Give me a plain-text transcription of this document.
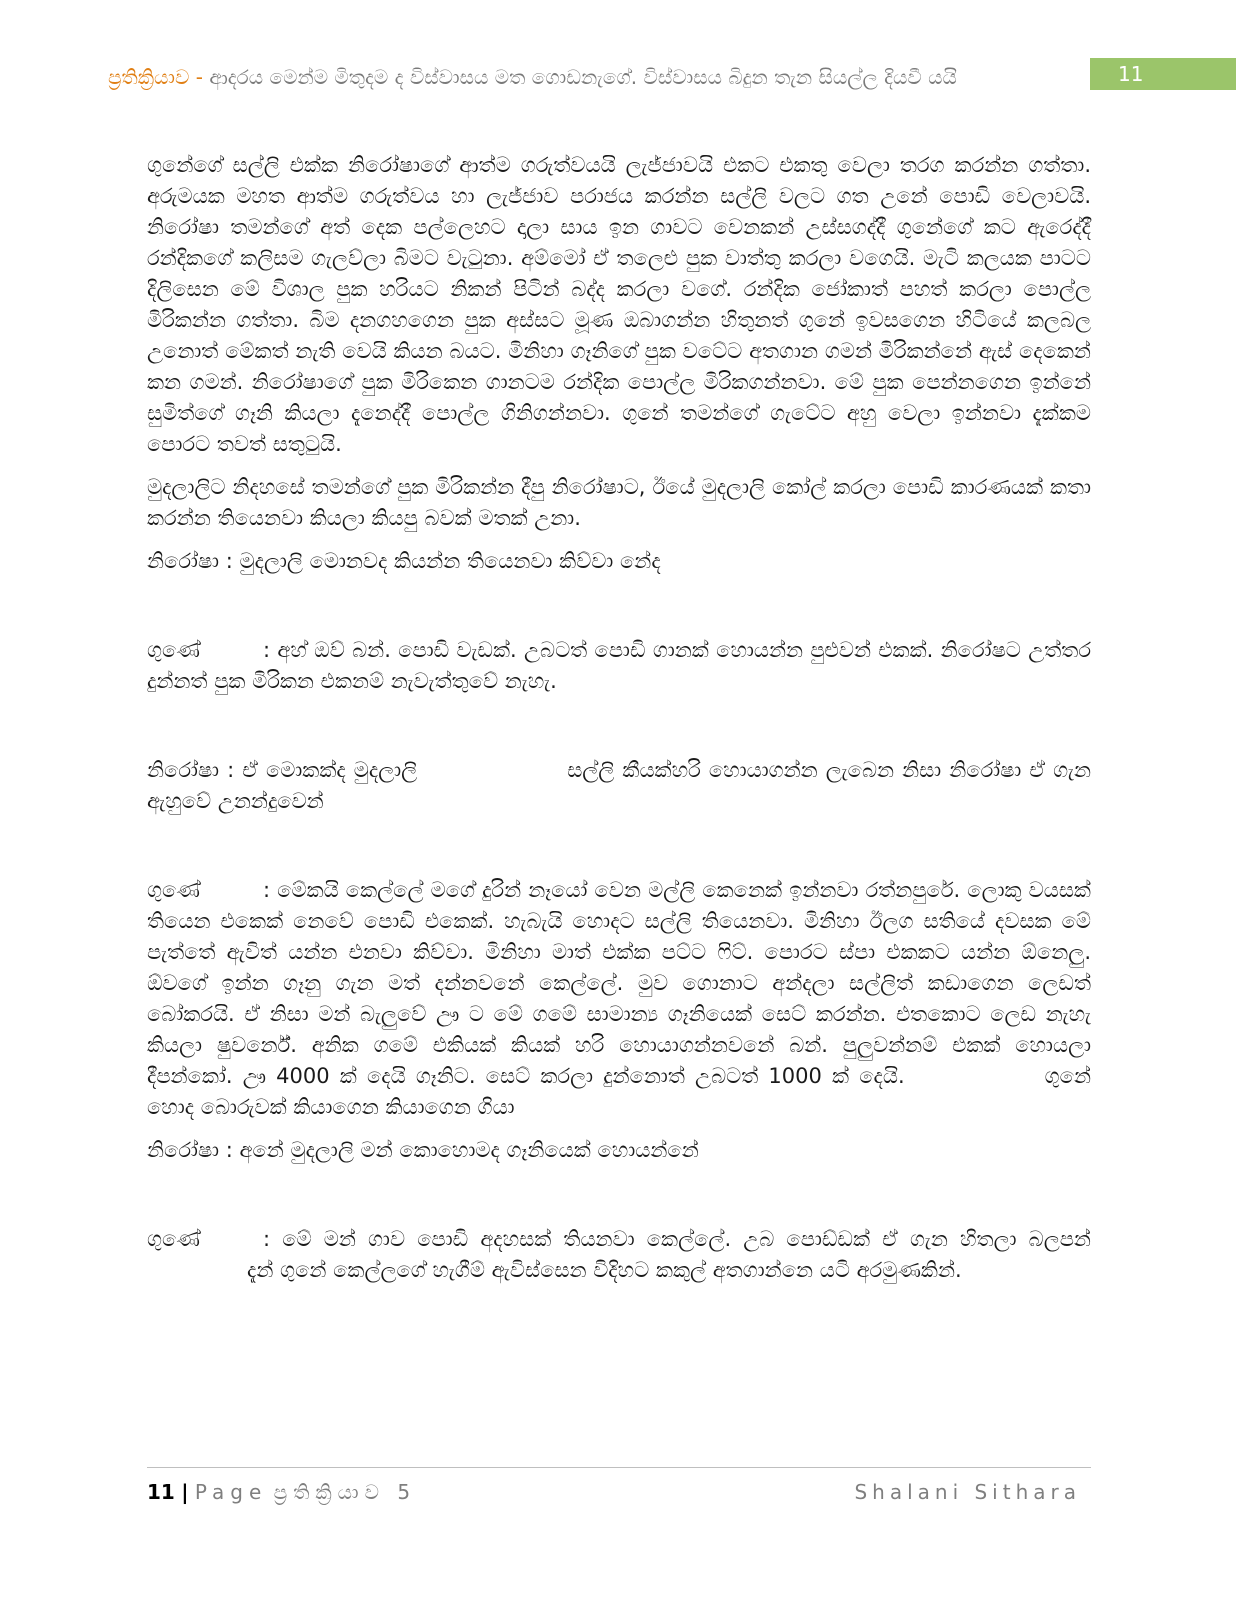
ප්‍රතික්‍රියාව - ආදරය මෙන්ම මිතුදම ද විස්වාසය මත ගොඩනැගේ. විස්වාසය බිදුන තැන සියල්ල දියවී යයි	11

ගුනේගේ සල්ලි එක්ක නිරෝෂාගේ ආත්ම ගරුත්වයයි ලැජ්ජාවයි එකට එකතු වෙලා තරග කරන්න ගත්තා. අරුමයක මහත ආත්ම ගරුත්වය හා ලැජ්ජාව පරාජය කරන්න සල්ලි වලට ගත උනේ පොඩි වෙලාවයි. නිරෝෂා තමන්ගේ අත් දෙක පල්ලෙහට දාලා සාය ඉන ගාවට වෙනකන් උස්සගද්දී ගුනේගේ කට ඇරෙද්දී රන්දිකගේ කලිසම ගැලව්ලා බිමට වැටුනා. අම්මෝ ඒ තලෙළු පුක වාත්තු කරලා වගෙයි. මැටි කලයක පාටට දිලිසෙන මේ විශාල පුක හරියට නිකන් පිටින් බද්ද කරලා වගේ. රන්දික ජෝකාත් පහත් කරලා පොල්ල මිරිකන්න ගත්තා. බිම දනගහගෙන පුක අස්සට මූණ ඔබාගන්න හිතුනත් ගුනේ ඉවසගෙන හිටියේ කලබල උනොත් මේකත් නැති වෙයි කියන බයට. මිනිහා ගෑනිගේ පුක වටේට අතගාන ගමන් මිරිකන්නේ ඇස් දෙකෙන් කන ගමන්. නිරෝෂාගේ පුක මිරිකෙන ගානටම රන්දික පොල්ල මිරිකගන්නවා. මේ පුක පෙන්නගෙන ඉන්නේ සුමිත්ගේ ගෑනි කියලා දැනෙද්දී පොල්ල ගිනිගන්නවා. ගුනේ තමන්ගේ ගැටේට අහු වෙලා ඉන්නවා දැක්කම පොරට තවත් සතුටුයි.

මුදලාලිට නිදහසේ තමන්ගේ පුක මිරිකන්න දීපු නිරෝෂාට, ඊයේ මුදලාලි කෝල් කරලා පොඩි කාරණයක් කතා කරන්න තියෙනවා කියලා කියපු බවක් මතක් උනා.

නිරෝෂා : මුදලාලි මොනවද කියන්න තියෙනවා කිව්වා නේද

ගුණේ	: අහ් ඔව් බන්. පොඩි වැඩක්. උබටත් පොඩි ගානක් හොයන්න පුළුවන් එකක්. නිරෝෂට උත්තර දුන්නත් පුක මිරිකන එකනම් නැවැත්තුවේ නැහැ.

නිරෝෂා : ඒ මොකක්ද මුදලාලි	සල්ලි කීයක්හරි හොයාගන්න ලැබෙන නිසා නිරෝෂා ඒ ගැන ඇහුවේ උනන්දුවෙන්

ගුණේ	: මේකයි කෙල්ලේ මගේ දුරින් නෑයෝ වෙන මල්ලි කෙනෙක් ඉන්නවා රත්නපුරේ. ලොකු වයසක් තියෙන එකෙක් නෙවේ පොඩි එකෙක්. හැබැයි හොදට සල්ලි තියෙනවා. මිනිහා ඊලග සතියේ දවසක මේ පැත්තේ ඇවිත් යන්න එනවා කිව්වා. මිනිහා මාත් එක්ක පට්ට ෆිට්. පොරට ස්පා එකකට යන්න ඕනෙලු. ඕවගේ ඉන්න ගෑනු ගැන මත් දන්නවනේ කෙල්ලේ. මුව ගොනාට අන්දලා සල්ලිත් කඩාගෙන ලෙඩත් බෝකරයි. ඒ නිසා මන් බැලුවේ ඌ ට මේ ගමේ සාමාන්‍ය ගෑනියෙක් සෙට් කරන්න. එතකොට ලෙඩ නැහැ කියලා ෂුවර්නේ. අනික ගමේ එකියක් කියක් හරි හොයාගන්නවනේ බන්. පුලුවන්නම් එකක් හොයලා දීපන්කෝ. ඌ 4000 ක් දෙයි ගෑනිට. සෙට් කරලා දුන්නොත් උබටත් 1000 ක් දෙයි.	ගුනේ හොද බොරුවක් කියාගෙන කියාගෙන ගියා

නිරෝෂා : අනේ මුදලාලි මන් කොහොමද ගෑනියෙක් හොයන්නේ

ගුණේ	: මේ මන් ගාව පොඩි අදහසක් තියනවා කෙල්ලේ. උබ පොඩ්ඩක් ඒ ගැන හිතලා බලපන්දැන් ගුනේ කෙල්ලගේ හැගීම් ඇවිස්සෙන විදිහට කකුල් අතගාන්නෙ යටි අරමුණකින්.

11 | Page ප්‍රතික්‍රියාව 5	Shalani Sithara
